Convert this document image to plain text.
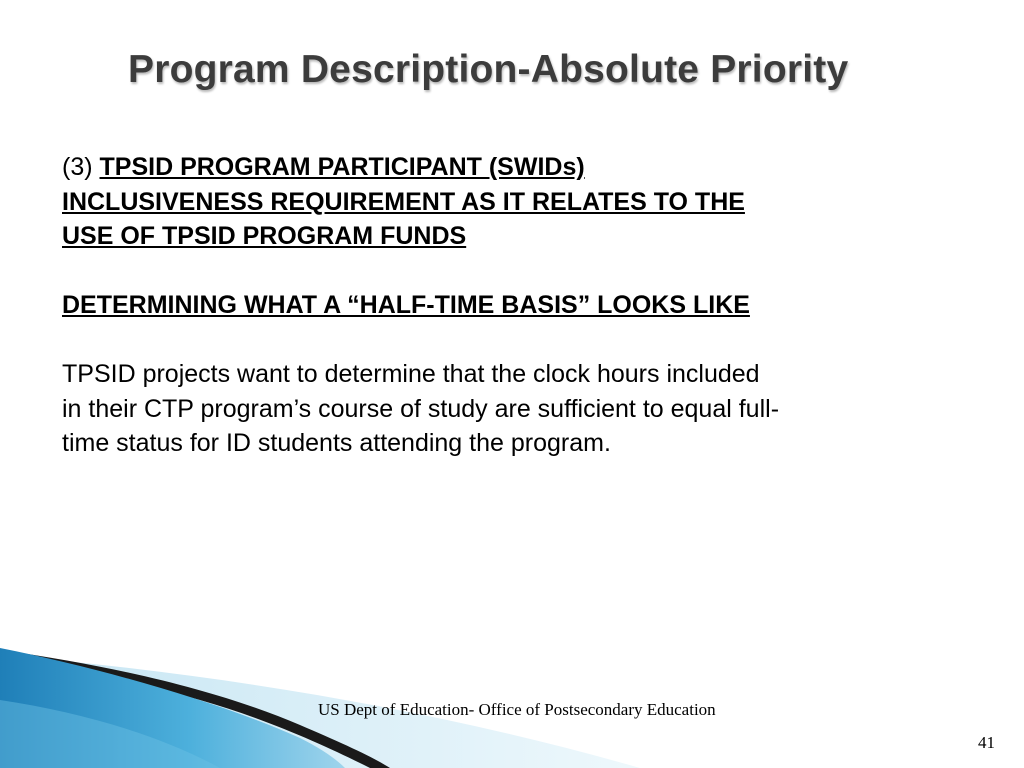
Program Description-Absolute Priority

(3) TPSID PROGRAM PARTICIPANT (SWIDs)

INCLUSIVENESS REQUIREMENT AS IT RELATES TO THE

USE OF TPSID PROGRAM FUNDS

DETERMINING WHAT A “HALF-TIME BASIS” LOOKS LIKE

TPSID projects want to determine that the clock hours included

in their CTP program’s course of study are sufficient to equal full-

time status for ID students attending the program.

US Dept of Education- Office of Postsecondary Education
41
